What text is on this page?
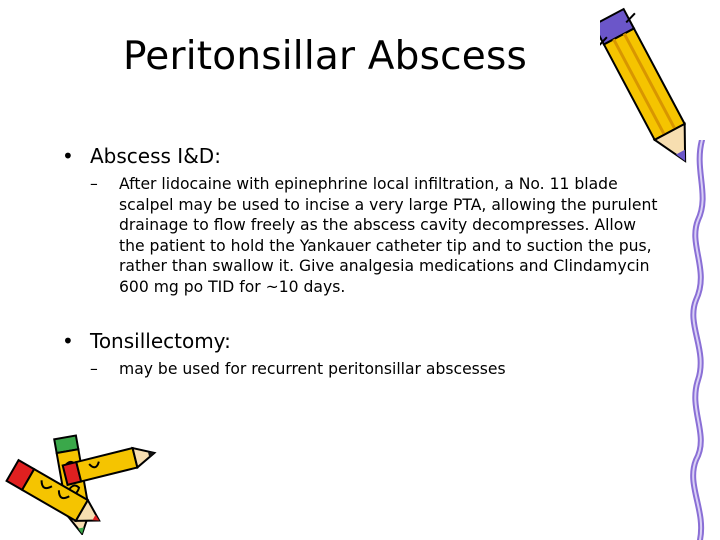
Peritonsillar Abscess
• Abscess I&D:
– After lidocaine with epinephrine local infiltration, a No. 11 blade scalpel may be used to incise a very large PTA, allowing the purulent drainage to flow freely as the abscess cavity decompresses. Allow the patient to hold the Yankauer catheter tip and to suction the pus, rather than swallow it. Give analgesia medications and Clindamycin 600 mg po TID for ~10 days.
• Tonsillectomy:
– may be used for recurrent peritonsillar abscesses
